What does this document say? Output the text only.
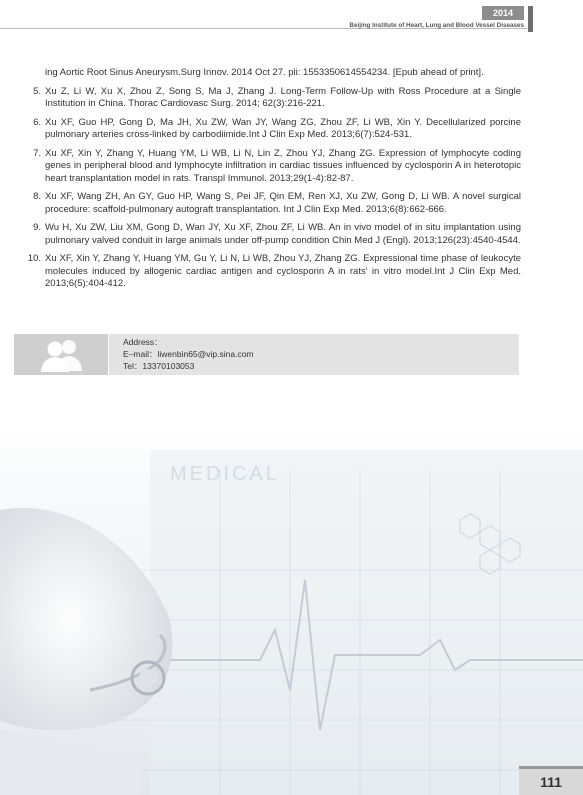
2014
Beijing Institute of Heart, Lung and Blood Vessel Diseases
ing Aortic Root Sinus Aneurysm.Surg Innov. 2014 Oct 27. pii: 1553350614554234. [Epub ahead of print].
5. Xu Z, Li W, Xu X, Zhou Z, Song S, Ma J, Zhang J. Long-Term Follow-Up with Ross Procedure at a Single Institution in China. Thorac Cardiovasc Surg. 2014; 62(3):216-221.
6. Xu XF, Guo HP, Gong D, Ma JH, Xu ZW, Wan JY, Wang ZG, Zhou ZF, Li WB, Xin Y. Decellularized porcine pulmonary arteries cross-linked by carbodiimide.Int J Clin Exp Med. 2013;6(7):524-531.
7. Xu XF, Xin Y, Zhang Y, Huang YM, Li WB, Li N, Lin Z, Zhou YJ, Zhang ZG. Expression of lymphocyte coding genes in peripheral blood and lymphocyte infiltration in cardiac tissues influenced by cyclosporin A in heterotopic heart transplantation model in rats. Transpl Immunol. 2013;29(1-4):82-87.
8. Xu XF, Wang ZH, An GY, Guo HP, Wang S, Pei JF, Qin EM, Ren XJ, Xu ZW, Gong D, Li WB. A novel surgical procedure: scaffold-pulmonary autograft transplantation. Int J Clin Exp Med. 2013;6(8):662-666.
9. Wu H, Xu ZW, Liu XM, Gong D, Wan JY, Xu XF, Zhou ZF, Li WB. An in vivo model of in situ implantation using pulmonary valved conduit in large animals under off-pump condition Chin Med J (Engl). 2013;126(23):4540-4544.
10. Xu XF, Xin Y, Zhang Y, Huang YM, Gu Y, Li N, Li WB, Zhou YJ, Zhang ZG. Expressional time phase of leukocyte molecules induced by allogenic cardiac antigen and cyclosporin A in rats' in vitro model.Int J Clin Exp Med. 2013;6(5):404-412.
Address：
E–mail：liwenbin65@vip.sina.com
Tel：13370103053
MEDICAL
111
